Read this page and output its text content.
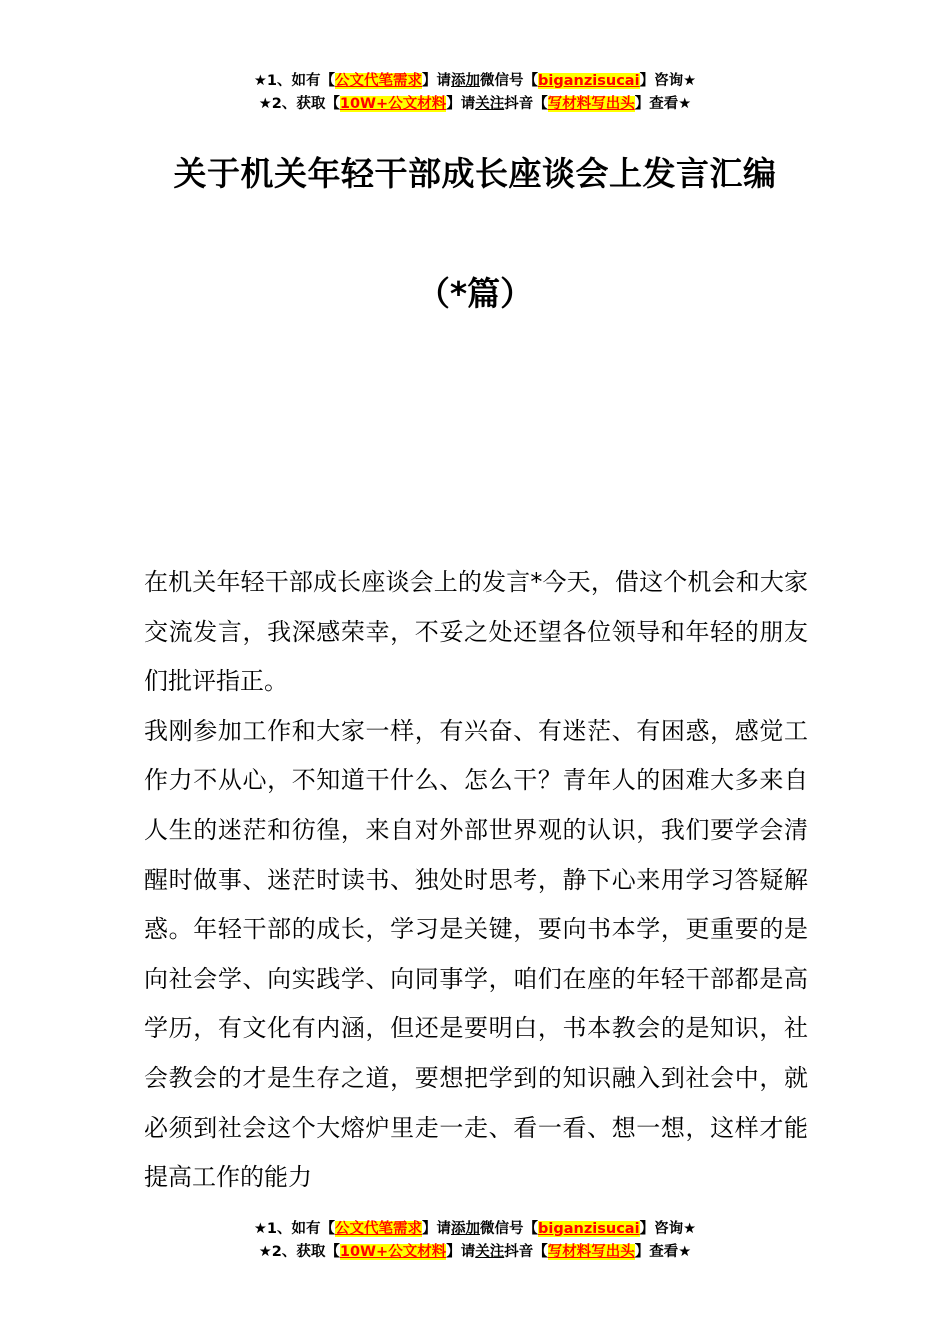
★1、如有【公文代笔需求】请添加微信号【biganzisucai】咨询★
★2、获取【10W+公文材料】请关注抖音【写材料写出头】查看★
关于机关年轻干部成长座谈会上发言汇编
（*篇）

在机关年轻干部成长座谈会上的发言*今天，借这个机会和大家交流发言，我深感荣幸，不妥之处还望各位领导和年轻的朋友们批评指正。

我刚参加工作和大家一样，有兴奋、有迷茫、有困惑，感觉工作力不从心，不知道干什么、怎么干？青年人的困难大多来自人生的迷茫和彷徨，来自对外部世界观的认识，我们要学会清醒时做事、迷茫时读书、独处时思考，静下心来用学习答疑解惑。年轻干部的成长，学习是关键，要向书本学，更重要的是向社会学、向实践学、向同事学，咱们在座的年轻干部都是高学历，有文化有内涵，但还是要明白，书本教会的是知识，社会教会的才是生存之道，要想把学到的知识融入到社会中，就必须到社会这个大熔炉里走一走、看一看、想一想，这样才能提高工作的能力

★1、如有【公文代笔需求】请添加微信号【biganzisucai】咨询★
★2、获取【10W+公文材料】请关注抖音【写材料写出头】查看★
